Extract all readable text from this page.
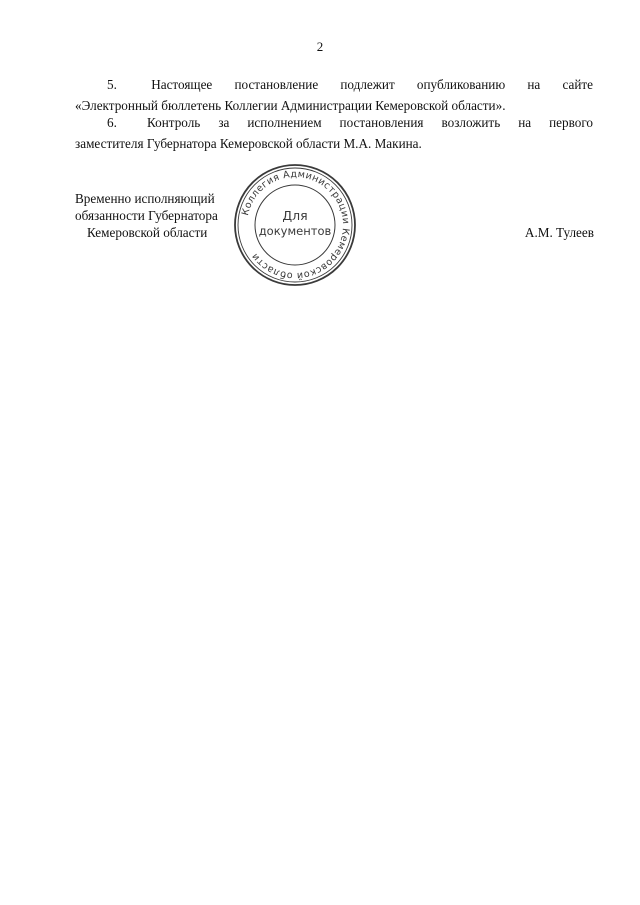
2
5.	Настоящее постановление подлежит опубликованию на сайте
«Электронный бюллетень Коллегии Администрации Кемеровской области».
6. Контроль за исполнением постановления возложить на первого
заместителя Губернатора Кемеровской области М.А. Макина.
Временно исполняющий
обязанности Губернатора
Кемеровской области
Коллегия Администрации Кемеровской области
Для
документов	А.М. Тулеев
